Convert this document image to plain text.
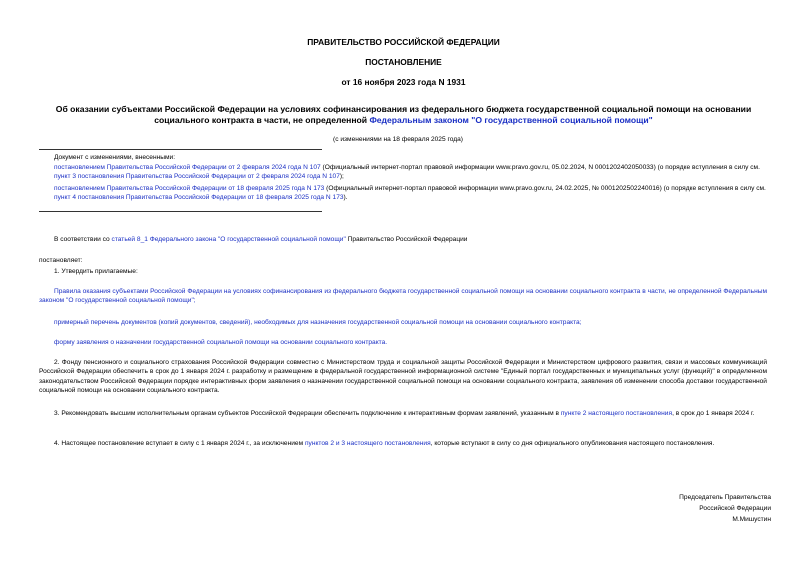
ПРАВИТЕЛЬСТВО РОССИЙСКОЙ ФЕДЕРАЦИИ
ПОСТАНОВЛЕНИЕ
от 16 ноября 2023 года N 1931
Об оказании субъектами Российской Федерации на условиях софинансирования из федерального бюджета государственной социальной помощи на основании социального контракта в части, не определенной Федеральным законом "О государственной социальной помощи"
(с изменениями на 18 февраля 2025 года)
Документ с изменениями, внесенными:
постановлением Правительства Российской Федерации от 2 февраля 2024 года N 107 (Официальный интернет-портал правовой информации www.pravo.gov.ru, 05.02.2024, N 0001202402050033) (о порядке вступления в силу см. пункт 3 постановления Правительства Российской Федерации от 2 февраля 2024 года N 107);
постановлением Правительства Российской Федерации от 18 февраля 2025 года N 173 (Официальный интернет-портал правовой информации www.pravo.gov.ru, 24.02.2025, № 0001202502240016) (о порядке вступления в силу см. пункт 4 постановления Правительства Российской Федерации от 18 февраля 2025 года N 173).
В соответствии со статьей 8_1 Федерального закона "О государственной социальной помощи" Правительство Российской Федерации
постановляет:
1. Утвердить прилагаемые:
Правила оказания субъектами Российской Федерации на условиях софинансирования из федерального бюджета государственной социальной помощи на основании социального контракта в части, не определенной Федеральным законом "О государственной социальной помощи";
примерный перечень документов (копий документов, сведений), необходимых для назначения государственной социальной помощи на основании социального контракта;
форму заявления о назначении государственной социальной помощи на основании социального контракта.
2. Фонду пенсионного и социального страхования Российской Федерации совместно с Министерством труда и социальной защиты Российской Федерации и Министерством цифрового развития, связи и массовых коммуникаций Российской Федерации обеспечить в срок до 1 января 2024 г. разработку и размещение в федеральной государственной информационной системе "Единый портал государственных и муниципальных услуг (функций)" в определенном законодательством Российской Федерации порядке интерактивных форм заявления о назначении государственной социальной помощи на основании социального контракта, заявления об изменении способа доставки государственной социальной помощи на основании социального контракта.
3. Рекомендовать высшим исполнительным органам субъектов Российской Федерации обеспечить подключение к интерактивным формам заявлений, указанным в пункте 2 настоящего постановления, в срок до 1 января 2024 г.
4. Настоящее постановление вступает в силу с 1 января 2024 г., за исключением пунктов 2 и 3 настоящего постановления, которые вступают в силу со дня официального опубликования настоящего постановления.
Председатель Правительства
Российской Федерации
М.Мишустин
